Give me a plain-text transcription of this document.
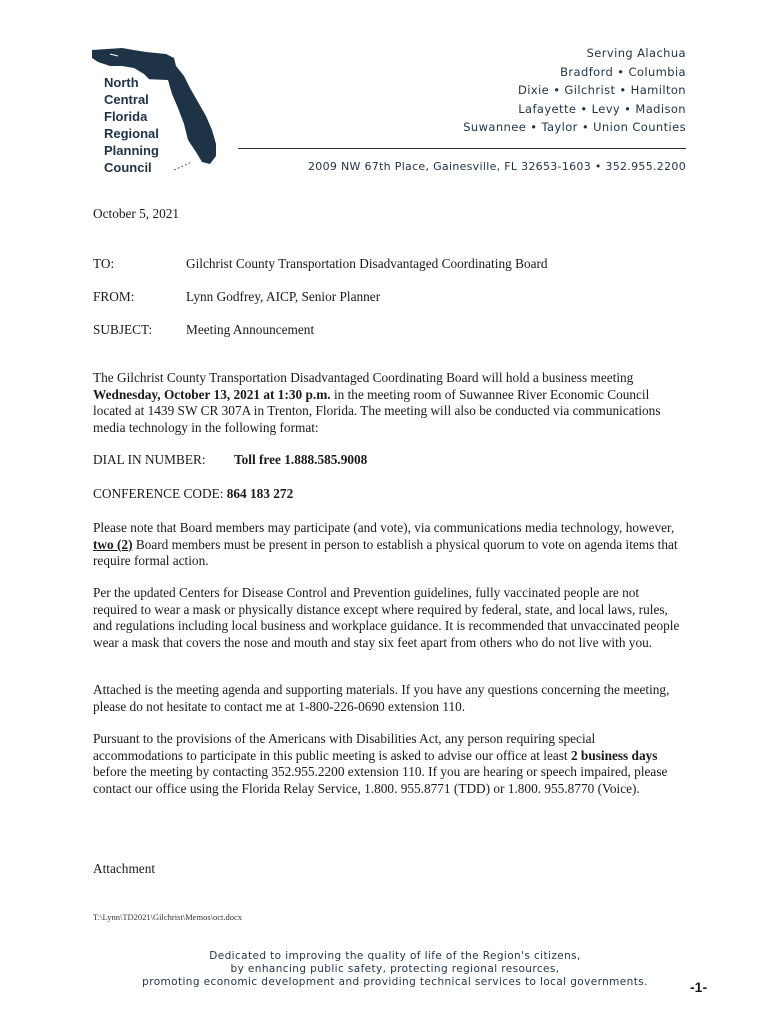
North
Central
Florida
Regional
Planning
Council
Serving Alachua
Bradford • Columbia
Dixie • Gilchrist • Hamilton
Lafayette • Levy • Madison
Suwannee • Taylor • Union Counties
2009 NW 67th Place, Gainesville, FL 32653-1603 • 352.955.2200
October 5, 2021
TO:	Gilchrist County Transportation Disadvantaged Coordinating Board
FROM:	Lynn Godfrey, AICP, Senior Planner
SUBJECT:	Meeting Announcement

The Gilchrist County Transportation Disadvantaged Coordinating Board will hold a business meeting Wednesday, October 13, 2021 at 1:30 p.m. in the meeting room of Suwannee River Economic Council located at 1439 SW CR 307A in Trenton, Florida. The meeting will also be conducted via communications media technology in the following format:

DIAL IN NUMBER: Toll free 1.888.585.9008
CONFERENCE CODE: 864 183 272

Please note that Board members may participate (and vote), via communications media technology, however, two (2) Board members must be present in person to establish a physical quorum to vote on agenda items that require formal action.

Per the updated Centers for Disease Control and Prevention guidelines, fully vaccinated people are not required to wear a mask or physically distance except where required by federal, state, and local laws, rules, and regulations including local business and workplace guidance. It is recommended that unvaccinated people wear a mask that covers the nose and mouth and stay six feet apart from others who do not live with you.

Attached is the meeting agenda and supporting materials. If you have any questions concerning the meeting, please do not hesitate to contact me at 1-800-226-0690 extension 110.

Pursuant to the provisions of the Americans with Disabilities Act, any person requiring special accommodations to participate in this public meeting is asked to advise our office at least 2 business days before the meeting by contacting 352.955.2200 extension 110. If you are hearing or speech impaired, please contact our office using the Florida Relay Service, 1.800. 955.8771 (TDD) or 1.800. 955.8770 (Voice).

Attachment
T:\Lynn\TD2021\Gilchrist\Memos\oct.docx
Dedicated to improving the quality of life of the Region's citizens,
by enhancing public safety, protecting regional resources,
promoting economic development and providing technical services to local governments.	-1-
